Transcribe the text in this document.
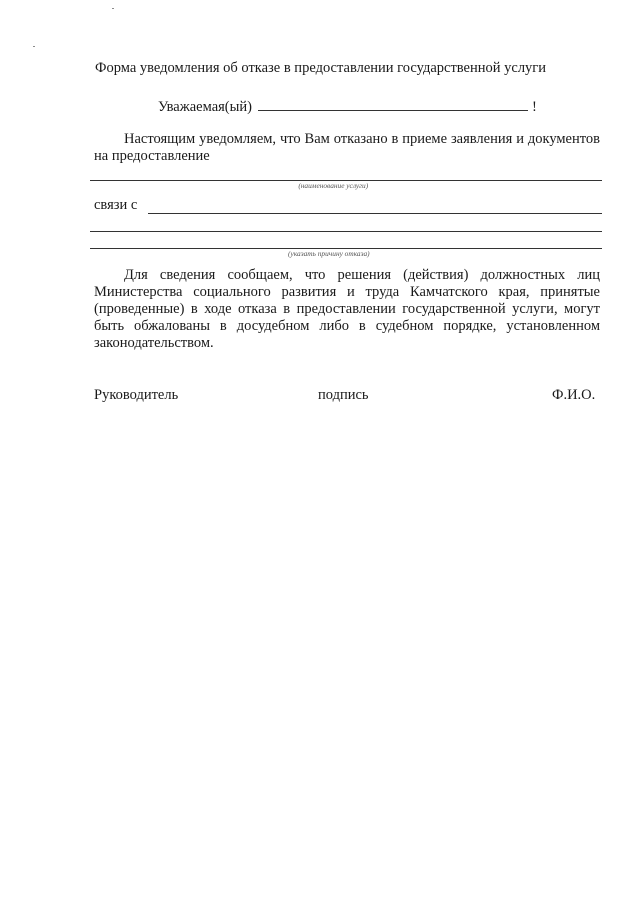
Форма уведомления об отказе в предоставлении государственной услуги
Уважаемая(ый)	!
Настоящим уведомляем, что Вам отказано в приеме заявления и документов на предоставление
(наименование услуги)
связи с
(указать причину отказа)
Для сведения сообщаем, что решения (действия) должностных лиц Министерства социального развития и труда Камчатского края, принятые (проведенные) в ходе отказа в предоставлении государственной услуги, могут быть обжалованы в досудебном либо в судебном порядке, установленном законодательством.
Руководитель	подпись	Ф.И.О.
